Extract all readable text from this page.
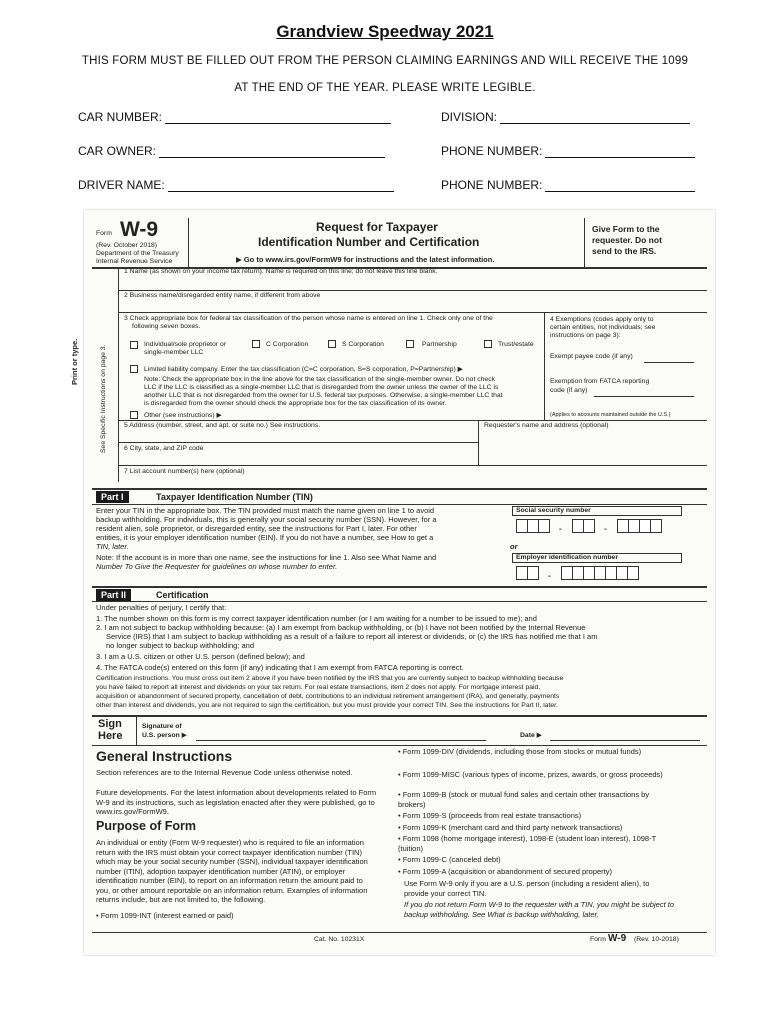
Grandview Speedway 2021
THIS FORM MUST BE FILLED OUT FROM THE PERSON CLAIMING EARNINGS AND WILL RECEIVE THE 1099
AT THE END OF THE YEAR. PLEASE WRITE LEGIBLE.
CAR NUMBER:	DIVISION:
CAR OWNER:	PHONE NUMBER:
DRIVER NAME:	PHONE NUMBER:
Form W-9
(Rev. October 2018)
Department of the Treasury
Internal Revenue Service
Request for Taxpayer
Identification Number and Certification
▶ Go to www.irs.gov/FormW9 for instructions and the latest information.
Give Form to the
requester. Do not
send to the IRS.
Print or type.	See Specific Instructions on page 3.
1 Name (as shown on your income tax return). Name is required on this line; do not leave this line blank.
2 Business name/disregarded entity name, if different from above
3 Check appropriate box for federal tax classification of the person whose name is entered on line 1. Check only one of the
following seven boxes.
Individual/sole proprietor or
single-member LLC
C Corporation	S Corporation	Partnership	Trust/estate
Limited liability company. Enter the tax classification (C=C corporation, S=S corporation, P=Partnership) ▶
Note: Check the appropriate box in the line above for the tax classification of the single-member owner. Do not check
LLC if the LLC is classified as a single-member LLC that is disregarded from the owner unless the owner of the LLC is
another LLC that is not disregarded from the owner for U.S. federal tax purposes. Otherwise, a single-member LLC that
is disregarded from the owner should check the appropriate box for the tax classification of its owner.
Other (see instructions) ▶
4 Exemptions (codes apply only to
certain entities, not individuals; see
instructions on page 3):
Exempt payee code (if any)
Exemption from FATCA reporting
code (if any)
(Applies to accounts maintained outside the U.S.)
5 Address (number, street, and apt. or suite no.) See instructions.	Requester's name and address (optional)
6 City, state, and ZIP code
7 List account number(s) here (optional)
Part I	Taxpayer Identification Number (TIN)
Enter your TIN in the appropriate box. The TIN provided must match the name given on line 1 to avoid
backup withholding. For individuals, this is generally your social security number (SSN). However, for a
resident alien, sole proprietor, or disregarded entity, see the instructions for Part I, later. For other
entities, it is your employer identification number (EIN). If you do not have a number, see How to get a
TIN, later.
Note: If the account is in more than one name, see the instructions for line 1. Also see What Name and
Number To Give the Requester for guidelines on whose number to enter.
Social security number
-	-
or
Employer identification number
-
Part II	Certification
Under penalties of perjury, I certify that:
1. The number shown on this form is my correct taxpayer identification number (or I am waiting for a number to be issued to me); and
2. I am not subject to backup withholding because: (a) I am exempt from backup withholding, or (b) I have not been notified by the Internal Revenue
Service (IRS) that I am subject to backup withholding as a result of a failure to report all interest or dividends, or (c) the IRS has notified me that I am
no longer subject to backup withholding; and
3. I am a U.S. citizen or other U.S. person (defined below); and
4. The FATCA code(s) entered on this form (if any) indicating that I am exempt from FATCA reporting is correct.
Certification instructions. You must cross out item 2 above if you have been notified by the IRS that you are currently subject to backup withholding because
you have failed to report all interest and dividends on your tax return. For real estate transactions, item 2 does not apply. For mortgage interest paid,
acquisition or abandonment of secured property, cancellation of debt, contributions to an individual retirement arrangement (IRA), and generally, payments
other than interest and dividends, you are not required to sign the certification, but you must provide your correct TIN. See the instructions for Part II, later.
Sign
Here
Signature of
U.S. person ▶	Date ▶
General Instructions
Section references are to the Internal Revenue Code unless otherwise noted.
Future developments. For the latest information about developments related to Form W-9 and its instructions, such as legislation enacted after they were published, go to www.irs.gov/FormW9.
Purpose of Form
An individual or entity (Form W-9 requester) who is required to file an information return with the IRS must obtain your correct taxpayer identification number (TIN) which may be your social security number (SSN), individual taxpayer identification number (ITIN), adoption taxpayer identification number (ATIN), or employer identification number (EIN), to report on an information return the amount paid to you, or other amount reportable on an information return. Examples of information returns include, but are not limited to, the following.
• Form 1099-INT (interest earned or paid)
• Form 1099-DIV (dividends, including those from stocks or mutual funds)
• Form 1099-MISC (various types of income, prizes, awards, or gross proceeds)
• Form 1099-B (stock or mutual fund sales and certain other transactions by brokers)
• Form 1099-S (proceeds from real estate transactions)
• Form 1099-K (merchant card and third party network transactions)
• Form 1098 (home mortgage interest), 1098-E (student loan interest), 1098-T (tuition)
• Form 1099-C (canceled debt)
• Form 1099-A (acquisition or abandonment of secured property)
Use Form W-9 only if you are a U.S. person (including a resident alien), to provide your correct TIN.
If you do not return Form W-9 to the requester with a TIN, you might be subject to backup withholding. See What is backup withholding, later.
Cat. No. 10231X	Form W-9 (Rev. 10-2018)
